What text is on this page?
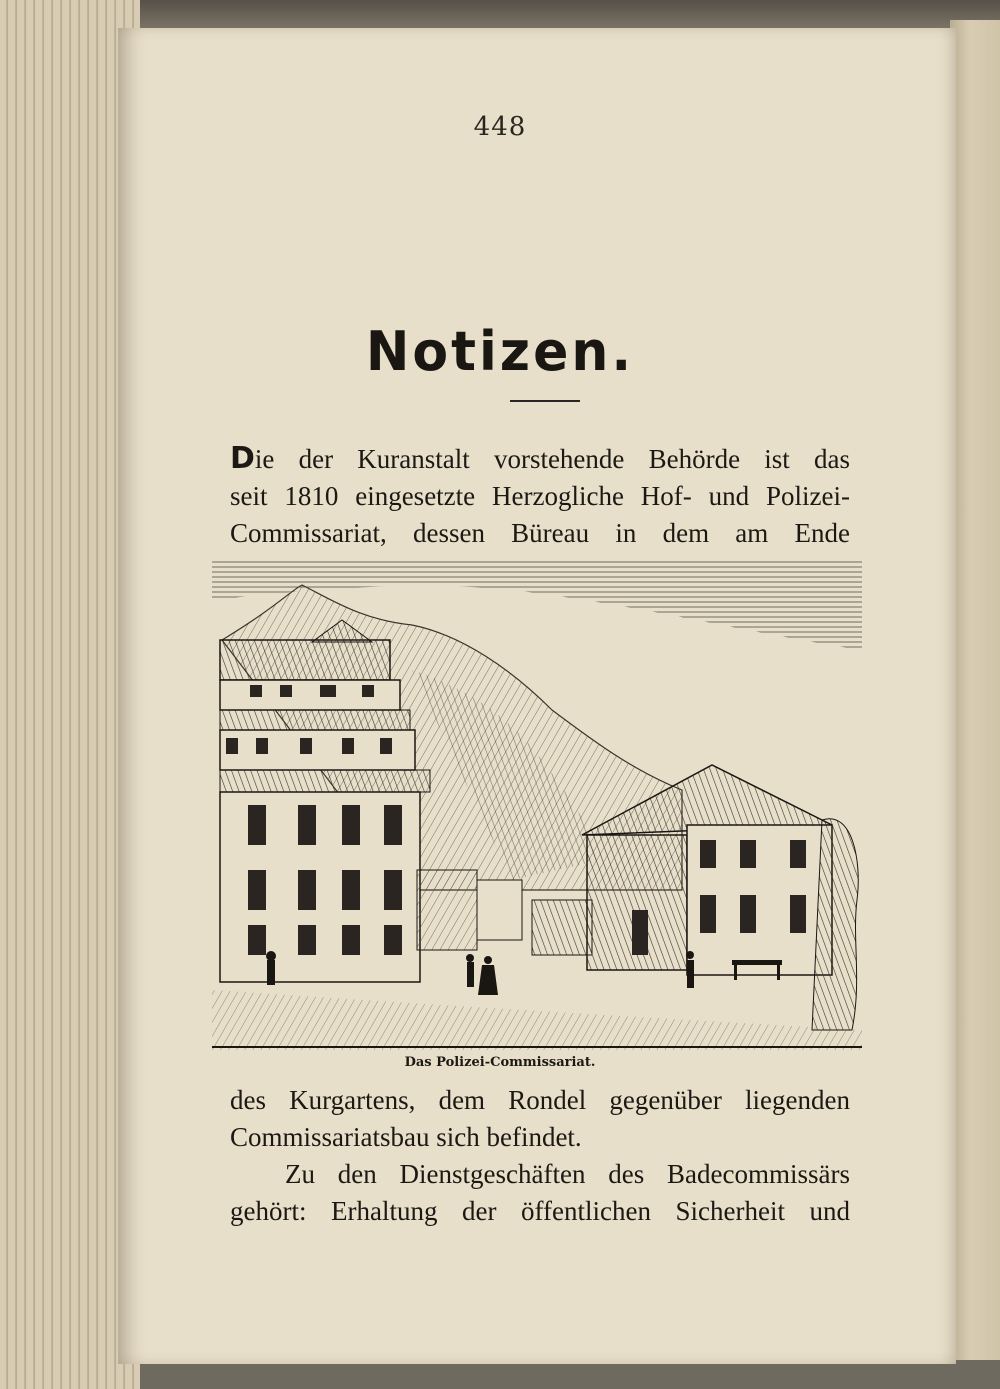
448
Notizen.
Die der Kuranstalt vorstehende Behörde ist das
seit 1810 eingesetzte Herzogliche Hof- und Polizei-
Commissariat, dessen Büreau in dem am Ende
Das Polizei-Commissariat.
des Kurgartens, dem Rondel gegenüber liegenden
Commissariatsbau sich befindet.
Zu den Dienstgeschäften des Badecommissärs
gehört: Erhaltung der öffentlichen Sicherheit und
